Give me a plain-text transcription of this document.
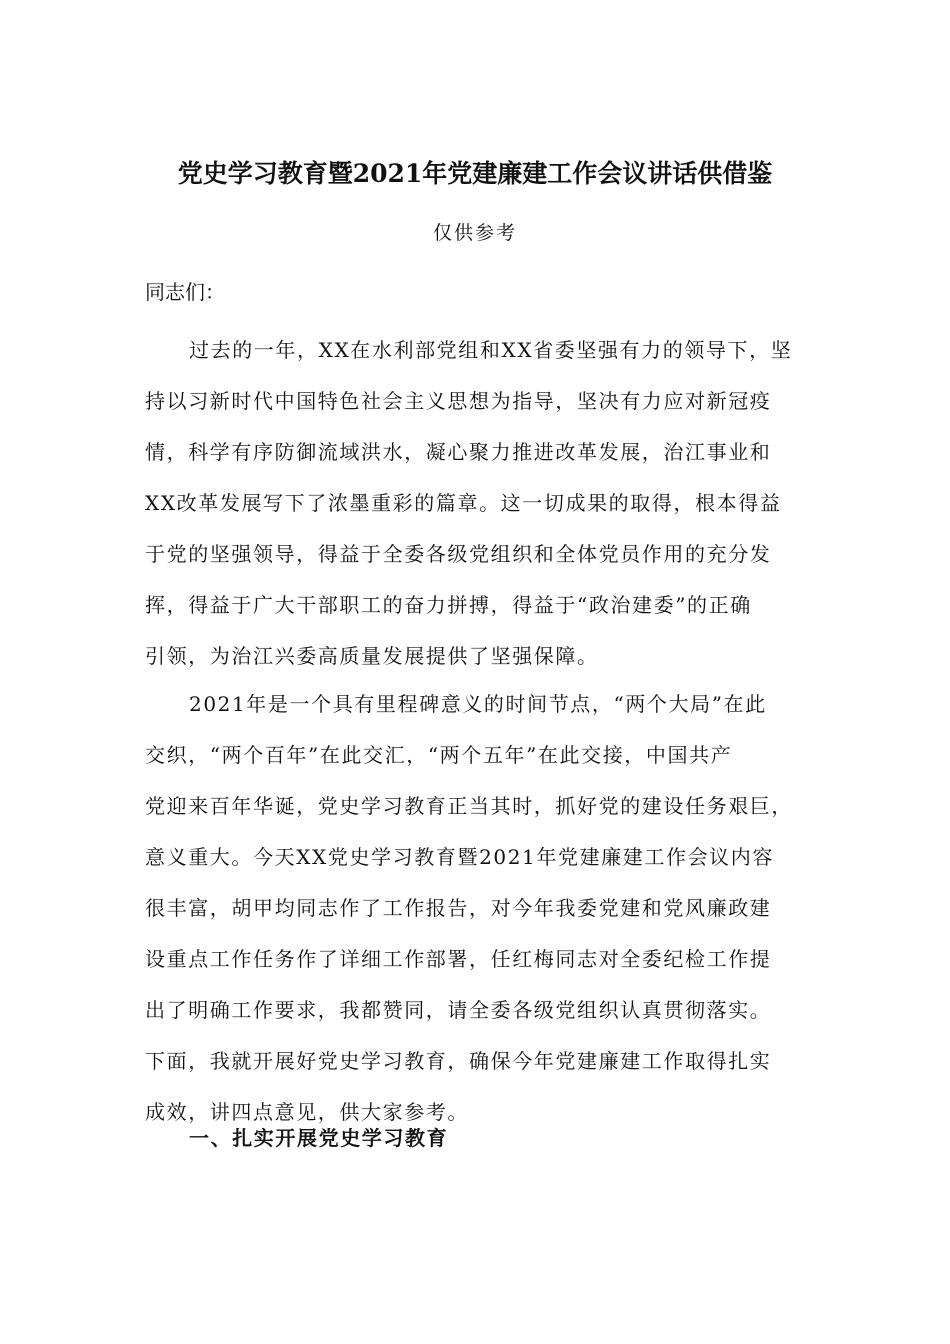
党史学习教育暨2021年党建廉建工作会议讲话供借鉴
仅供参考
同志们：
过去的一年，XX在水利部党组和XX省委坚强有力的领导下，坚
持以习新时代中国特色社会主义思想为指导，坚决有力应对新冠疫
情，科学有序防御流域洪水，凝心聚力推进改革发展，治江事业和
XX改革发展写下了浓墨重彩的篇章。这一切成果的取得，根本得益
于党的坚强领导，得益于全委各级党组织和全体党员作用的充分发
挥，得益于广大干部职工的奋力拼搏，得益于“政治建委”的正确
引领，为治江兴委高质量发展提供了坚强保障。
2021年是一个具有里程碑意义的时间节点，“两个大局”在此
交织，“两个百年”在此交汇，“两个五年”在此交接，中国共产
党迎来百年华诞，党史学习教育正当其时，抓好党的建设任务艰巨，
意义重大。今天XX党史学习教育暨2021年党建廉建工作会议内容
很丰富，胡甲均同志作了工作报告，对今年我委党建和党风廉政建
设重点工作任务作了详细工作部署，任红梅同志对全委纪检工作提
出了明确工作要求，我都赞同，请全委各级党组织认真贯彻落实。
下面，我就开展好党史学习教育，确保今年党建廉建工作取得扎实
成效，讲四点意见，供大家参考。
一、扎实开展党史学习教育
